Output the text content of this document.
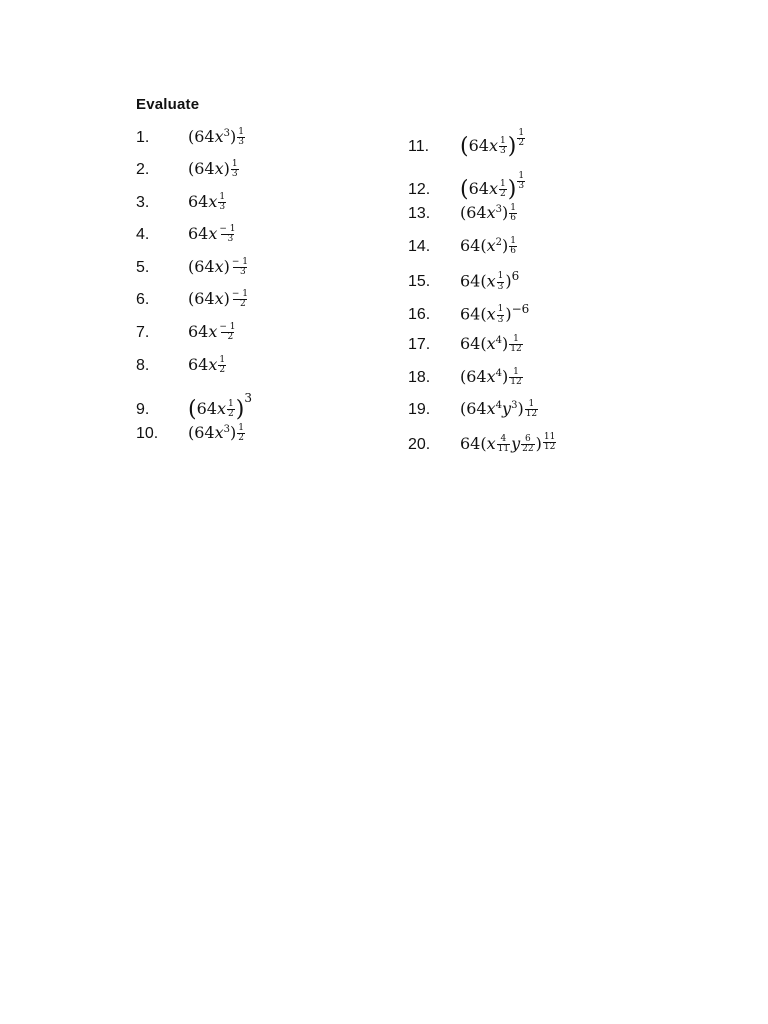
Evaluate
1.	$(64x3) \frac{1}{3}$
2.	$(64x) \frac{1}{3}$
3.	$64x \frac{1}{3}$
4.	$64x \frac{- 1}{3}$
5.	$(64x) \frac{- 1}{3}$
6.	$(64x) \frac{- 1}{2}$
7.	$64x \frac{- 1}{2}$
8.	$64x \frac{1}{2}$
9.	$(64x \frac{1}{2} )3$
10.	$(64x3) \frac{1}{2}$
11.	($64x \frac{1}{3}$ ) $\frac{1}{2}$
12.	($64x \frac{1}{2}$ ) $\frac{1}{3}$
13.	$(64x3) \frac{1}{6}$
14.	$64(x2) \frac{1}{6}$
15.	$64(x \frac{1}{3} )6$
16.	$64(x \frac{1}{3} )-6$
17.	$64(x4) \frac{1}{12}$
18.	$(64x4) \frac{1}{12}$
19.	$(64x4y3) \frac{1}{12}$
20.	$64(x \frac{4}{11}$ y $\frac{6}{22}$ ) $\frac{11}{12}$
